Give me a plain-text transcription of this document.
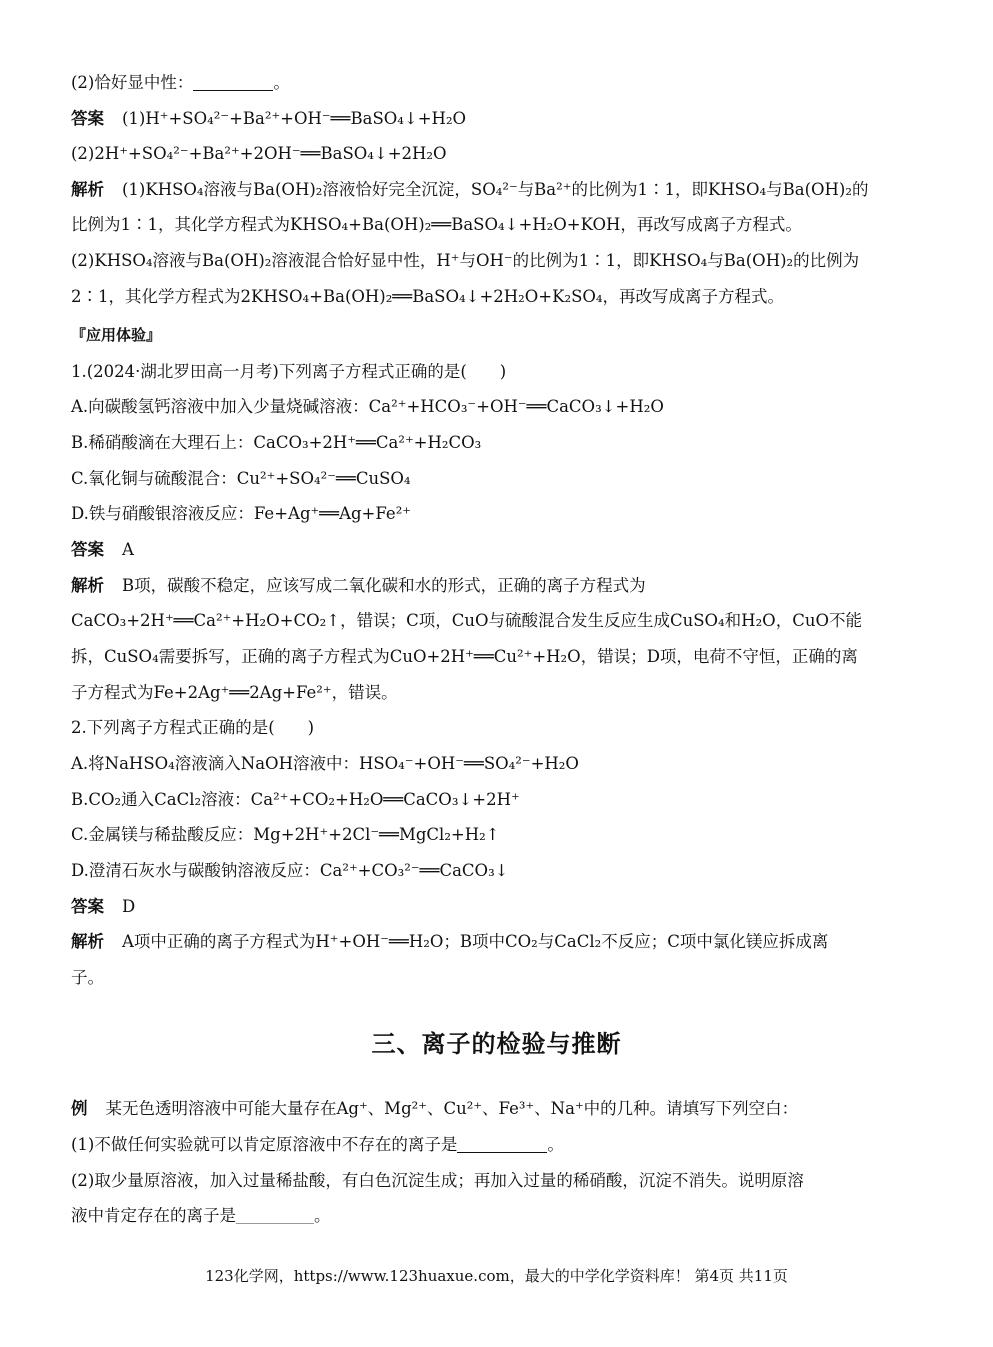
(2)恰好显中性：	。
答案 (1)H⁺+SO₄²⁻+Ba²⁺+OH⁻══BaSO₄↓+H₂O
(2)2H⁺+SO₄²⁻+Ba²⁺+2OH⁻══BaSO₄↓+2H₂O
解析 (1)KHSO₄溶液与Ba(OH)₂溶液恰好完全沉淀，SO₄²⁻与Ba²⁺的比例为1∶1，即KHSO₄与Ba(OH)₂的
比例为1∶1，其化学方程式为KHSO₄+Ba(OH)₂══BaSO₄↓+H₂O+KOH，再改写成离子方程式。
(2)KHSO₄溶液与Ba(OH)₂溶液混合恰好显中性，H⁺与OH⁻的比例为1∶1，即KHSO₄与Ba(OH)₂的比例为
2∶1，其化学方程式为2KHSO₄+Ba(OH)₂══BaSO₄↓+2H₂O+K₂SO₄，再改写成离子方程式。
『应用体验』
1.(2024·湖北罗田高一月考)下列离子方程式正确的是(　　)
A.向碳酸氢钙溶液中加入少量烧碱溶液：Ca²⁺+HCO₃⁻+OH⁻══CaCO₃↓+H₂O
B.稀硝酸滴在大理石上：CaCO₃+2H⁺══Ca²⁺+H₂CO₃
C.氧化铜与硫酸混合：Cu²⁺+SO₄²⁻══CuSO₄
D.铁与硝酸银溶液反应：Fe+Ag⁺══Ag+Fe²⁺
答案 A
解析 B项，碳酸不稳定，应该写成二氧化碳和水的形式，正确的离子方程式为
CaCO₃+2H⁺══Ca²⁺+H₂O+CO₂↑，错误；C项，CuO与硫酸混合发生反应生成CuSO₄和H₂O，CuO不能
拆，CuSO₄需要拆写，正确的离子方程式为CuO+2H⁺══Cu²⁺+H₂O，错误；D项，电荷不守恒，正确的离
子方程式为Fe+2Ag⁺══2Ag+Fe²⁺，错误。
2.下列离子方程式正确的是(　　)
A.将NaHSO₄溶液滴入NaOH溶液中：HSO₄⁻+OH⁻══SO₄²⁻+H₂O
B.CO₂通入CaCl₂溶液：Ca²⁺+CO₂+H₂O══CaCO₃↓+2H⁺
C.金属镁与稀盐酸反应：Mg+2H⁺+2Cl⁻══MgCl₂+H₂↑
D.澄清石灰水与碳酸钠溶液反应：Ca²⁺+CO₃²⁻══CaCO₃↓
答案 D
解析 A项中正确的离子方程式为H⁺+OH⁻══H₂O；B项中CO₂与CaCl₂不反应；C项中氯化镁应拆成离
子。
三、离子的检验与推断
例 某无色透明溶液中可能大量存在Ag⁺、Mg²⁺、Cu²⁺、Fe³⁺、Na⁺中的几种。请填写下列空白：
(1)不做任何实验就可以肯定原溶液中不存在的离子是	。
(2)取少量原溶液，加入过量稀盐酸，有白色沉淀生成；再加入过量的稀硝酸，沉淀不消失。说明原溶
液中肯定存在的离子是	。
123化学网，https://www.123huaxue.com，最大的中学化学资料库！ 第4页 共11页
